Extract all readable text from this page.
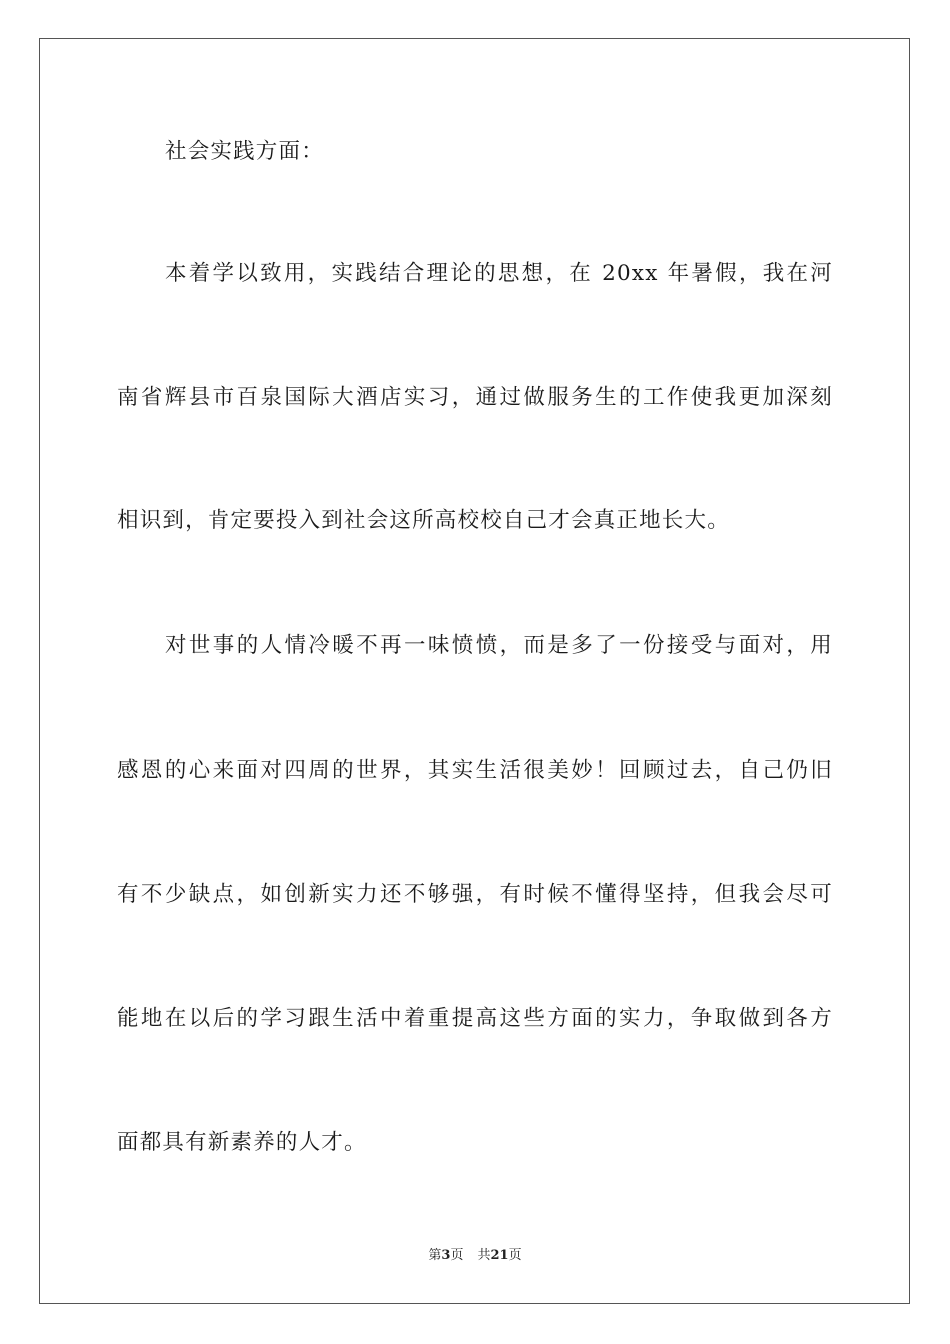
社会实践方面：
本着学以致用，实践结合理论的思想，在 20xx 年暑假，我在河
南省辉县市百泉国际大酒店实习，通过做服务生的工作使我更加深刻
相识到，肯定要投入到社会这所高校校自己才会真正地长大。
对世事的人情冷暖不再一味愤愤，而是多了一份接受与面对，用
感恩的心来面对四周的世界，其实生活很美妙！回顾过去，自己仍旧
有不少缺点，如创新实力还不够强，有时候不懂得坚持，但我会尽可
能地在以后的学习跟生活中着重提高这些方面的实力，争取做到各方
面都具有新素养的人才。
第3页 共21页
